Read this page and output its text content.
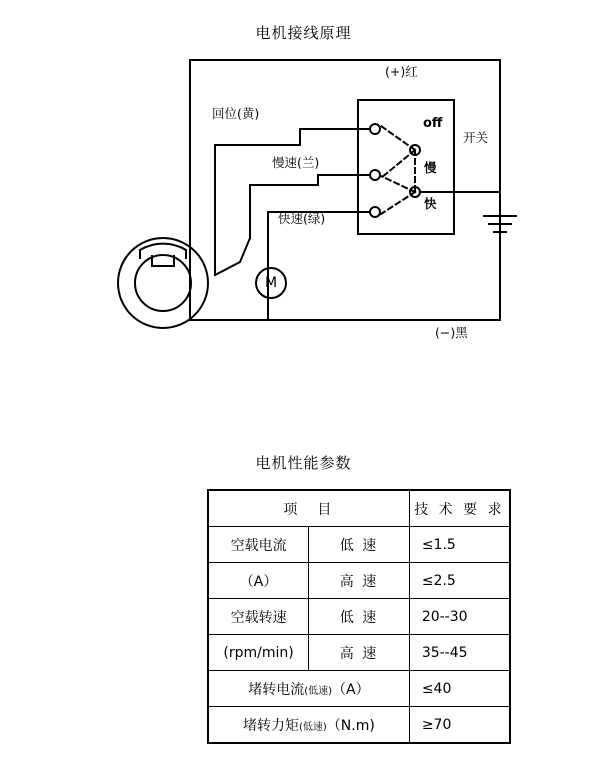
电机接线原理
(+)红
(−)黑
回位(黄)
慢速(兰)
快速(绿)
开关
off
慢
快
M
电机性能参数
项　目		技 术 要 求
空载电流	低 速	≤1.5
（A）	高 速	≤2.5
空载转速	低 速	20--30
(rpm/min)	高 速	35--45
堵转电流(低速)（A）		≤40
堵转力矩(低速)（N.m)		≥70
